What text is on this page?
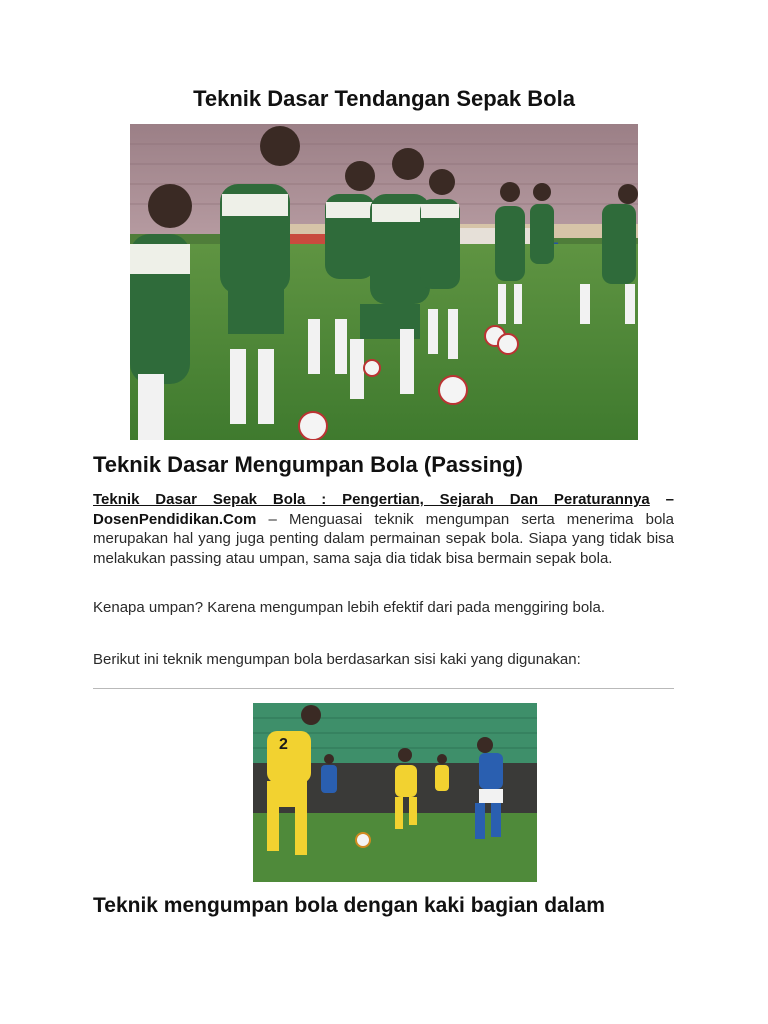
Teknik Dasar Tendangan Sepak Bola
Teknik Dasar Mengumpan Bola (Passing)

Teknik Dasar Sepak Bola : Pengertian, Sejarah Dan Peraturannya – DosenPendidikan.Com – Menguasai teknik mengumpan serta menerima bola merupakan hal yang juga penting dalam permainan sepak bola. Siapa yang tidak bisa melakukan passing atau umpan, sama saja dia tidak bisa bermain sepak bola.

Kenapa umpan? Karena mengumpan lebih efektif dari pada menggiring bola.

Berikut ini teknik mengumpan bola berdasarkan sisi kaki yang digunakan:

2
Teknik mengumpan bola dengan kaki bagian dalam
